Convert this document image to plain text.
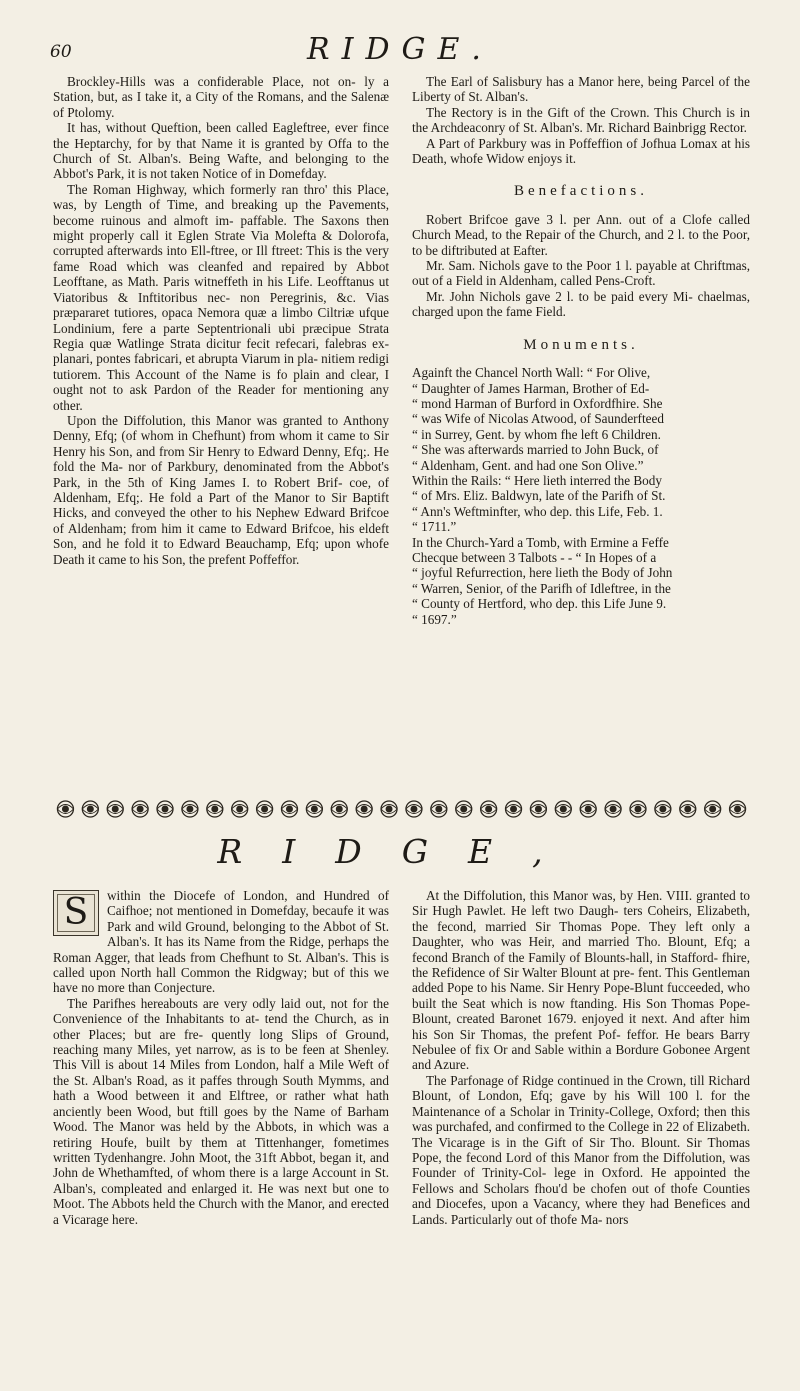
60	RIDGE.

Brockley-Hills was a confiderable Place, not on- ly a Station, but, as I take it, a City of the Romans, and the Salenæ of Ptolomy.

It has, without Queftion, been called Eagleftree, ever fince the Heptarchy, for by that Name it is granted by Offa to the Church of St. Alban's. Being Wafte, and belonging to the Abbot's Park, it is not taken Notice of in Domefday.

The Roman Highway, which formerly ran thro' this Place, was, by Length of Time, and breaking up the Pavements, become ruinous and almoft im- paffable. The Saxons then might properly call it Eglen Strate Via Molefta & Dolorofa, corrupted afterwards into Ell-ftree, or Ill ftreet: This is the very fame Road which was cleanfed and repaired by Abbot Leofftane, as Math. Paris witneffeth in his Life. Leofftanus ut Viatoribus & Inftitoribus nec- non Peregrinis, &c. Vias præpararet tutiores, opaca Nemora quæ a limbo Ciltriæ ufque Londinium, fere a parte Septentrionali ubi præcipue Strata Regia quæ Watlinge Strata dicitur fecit refecari, falebras ex- planari, pontes fabricari, et abrupta Viarum in pla- nitiem redigi tutiorem. This Account of the Name is fo plain and clear, I ought not to ask Pardon of the Reader for mentioning any other.

Upon the Diffolution, this Manor was granted to Anthony Denny, Efq; (of whom in Chefhunt) from whom it came to Sir Henry his Son, and from Sir Henry to Edward Denny, Efq;. He fold the Ma- nor of Parkbury, denominated from the Abbot's Park, in the 5th of King James I. to Robert Brif- coe, of Aldenham, Efq;. He fold a Part of the Manor to Sir Baptift Hicks, and conveyed the other to his Nephew Edward Brifcoe of Aldenham; from him it came to Edward Brifcoe, his eldeft Son, and he fold it to Edward Beauchamp, Efq; upon whofe Death it came to his Son, the prefent Poffeffor.

The Earl of Salisbury has a Manor here, being Parcel of the Liberty of St. Alban's.

The Rectory is in the Gift of the Crown. This Church is in the Archdeaconry of St. Alban's. Mr. Richard Bainbrigg Rector.

A Part of Parkbury was in Poffeffion of Jofhua Lomax at his Death, whofe Widow enjoys it.

Benefactions.

Robert Brifcoe gave 3 l. per Ann. out of a Clofe called Church Mead, to the Repair of the Church, and 2 l. to the Poor, to be diftributed at Eafter.

Mr. Sam. Nichols gave to the Poor 1 l. payable at Chriftmas, out of a Field in Aldenham, called Pens-Croft.

Mr. John Nichols gave 2 l. to be paid every Mi- chaelmas, charged upon the fame Field.

Monuments.
Againft the Chancel North Wall: “ For Olive,
“ Daughter of James Harman, Brother of Ed-
“ mond Harman of Burford in Oxfordfhire. She
“ was Wife of Nicolas Atwood, of Saunderfteed
“ in Surrey, Gent. by whom fhe left 6 Children.
“ She was afterwards married to John Buck, of
“ Aldenham, Gent. and had one Son Olive.”
Within the Rails: “ Here lieth interred the Body
“ of Mrs. Eliz. Baldwyn, late of the Parifh of St.
“ Ann's Weftminfter, who dep. this Life, Feb. 1.
“ 1711.”
In the Church-Yard a Tomb, with Ermine a Feffe
Checque between 3 Talbots - - “ In Hopes of a
“ joyful Refurrection, here lieth the Body of John
“ Warren, Senior, of the Parifh of Idleftree, in the
“ County of Hertford, who dep. this Life June 9.
“ 1697.”
RIDGE,

S	within the Diocefe of London, and Hundred of Caifhoe; not mentioned in Domefday, becaufe it was Park and wild Ground, belonging to the Abbot of St. Alban's. It has its Name from the Ridge, perhaps the Roman Agger, that leads from Chefhunt to St. Alban's. This is called upon North hall Common the Ridgway; but of this we have no more than Conjecture.

The Parifhes hereabouts are very odly laid out, not for the Convenience of the Inhabitants to at- tend the Church, as in other Places; but are fre- quently long Slips of Ground, reaching many Miles, yet narrow, as is to be feen at Shenley. This Vill is about 14 Miles from London, half a Mile Weft of the St. Alban's Road, as it paffes through South Mymms, and hath a Wood between it and Elftree, or rather what hath anciently been Wood, but ftill goes by the Name of Barham Wood. The Manor was held by the Abbots, in which was a retiring Houfe, built by them at Tittenhanger, fometimes written Tydenhangre. John Moot, the 31ft Abbot, began it, and John de Whethamfted, of whom there is a large Account in St. Alban's, compleated and enlarged it. He was next but one to Moot. The Abbots held the Church with the Manor, and erected a Vicarage here.

At the Diffolution, this Manor was, by Hen. VIII. granted to Sir Hugh Pawlet. He left two Daugh- ters Coheirs, Elizabeth, the fecond, married Sir Thomas Pope. They left only a Daughter, who was Heir, and married Tho. Blount, Efq; a fecond Branch of the Family of Blounts-hall, in Stafford- fhire, the Refidence of Sir Walter Blount at pre- fent. This Gentleman added Pope to his Name. Sir Henry Pope-Blunt fucceeded, who built the Seat which is now ftanding. His Son Thomas Pope- Blount, created Baronet 1679. enjoyed it next. And after him his Son Sir Thomas, the prefent Pof- feffor. He bears Barry Nebulee of fix Or and Sable within a Bordure Gobonee Argent and Azure.

The Parfonage of Ridge continued in the Crown, till Richard Blount, of London, Efq; gave by his Will 100 l. for the Maintenance of a Scholar in Trinity-College, Oxford; then this was purchafed, and confirmed to the College in 22 of Elizabeth. The Vicarage is in the Gift of Sir Tho. Blount. Sir Thomas Pope, the fecond Lord of this Manor from the Diffolution, was Founder of Trinity-Col- lege in Oxford. He appointed the Fellows and Scholars fhou'd be chofen out of thofe Counties and Diocefes, upon a Vacancy, where they had Benefices and Lands. Particularly out of thofe Ma- nors
